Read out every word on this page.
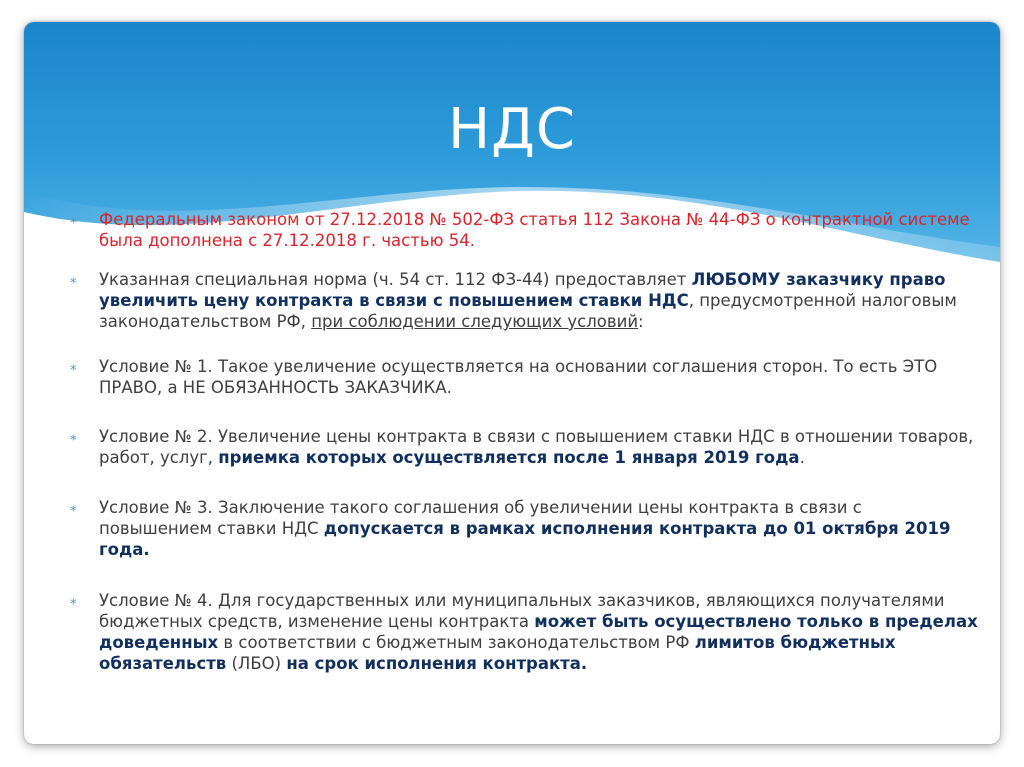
НДС
⁎ Федеральным законом от 27.12.2018 № 502-ФЗ статья 112 Закона № 44-ФЗ о контрактной системе была дополнена с 27.12.2018 г. частью 54.
⁎ Указанная специальная норма (ч. 54 ст. 112 ФЗ-44) предоставляет ЛЮБОМУ заказчику право увеличить цену контракта в связи с повышением ставки НДС, предусмотренной налоговым законодательством РФ, при соблюдении следующих условий:
⁎ Условие № 1. Такое увеличение осуществляется на основании соглашения сторон. То есть ЭТО ПРАВО, а НЕ ОБЯЗАННОСТЬ ЗАКАЗЧИКА.
⁎ Условие № 2. Увеличение цены контракта в связи с повышением ставки НДС в отношении товаров, работ, услуг, приемка которых осуществляется после 1 января 2019 года.
⁎ Условие № 3. Заключение такого соглашения об увеличении цены контракта в связи с повышением ставки НДС допускается в рамках исполнения контракта до 01 октября 2019 года.
⁎ Условие № 4. Для государственных или муниципальных заказчиков, являющихся получателями бюджетных средств, изменение цены контракта может быть осуществлено только в пределах доведенных в соответствии с бюджетным законодательством РФ лимитов бюджетных обязательств (ЛБО) на срок исполнения контракта.
